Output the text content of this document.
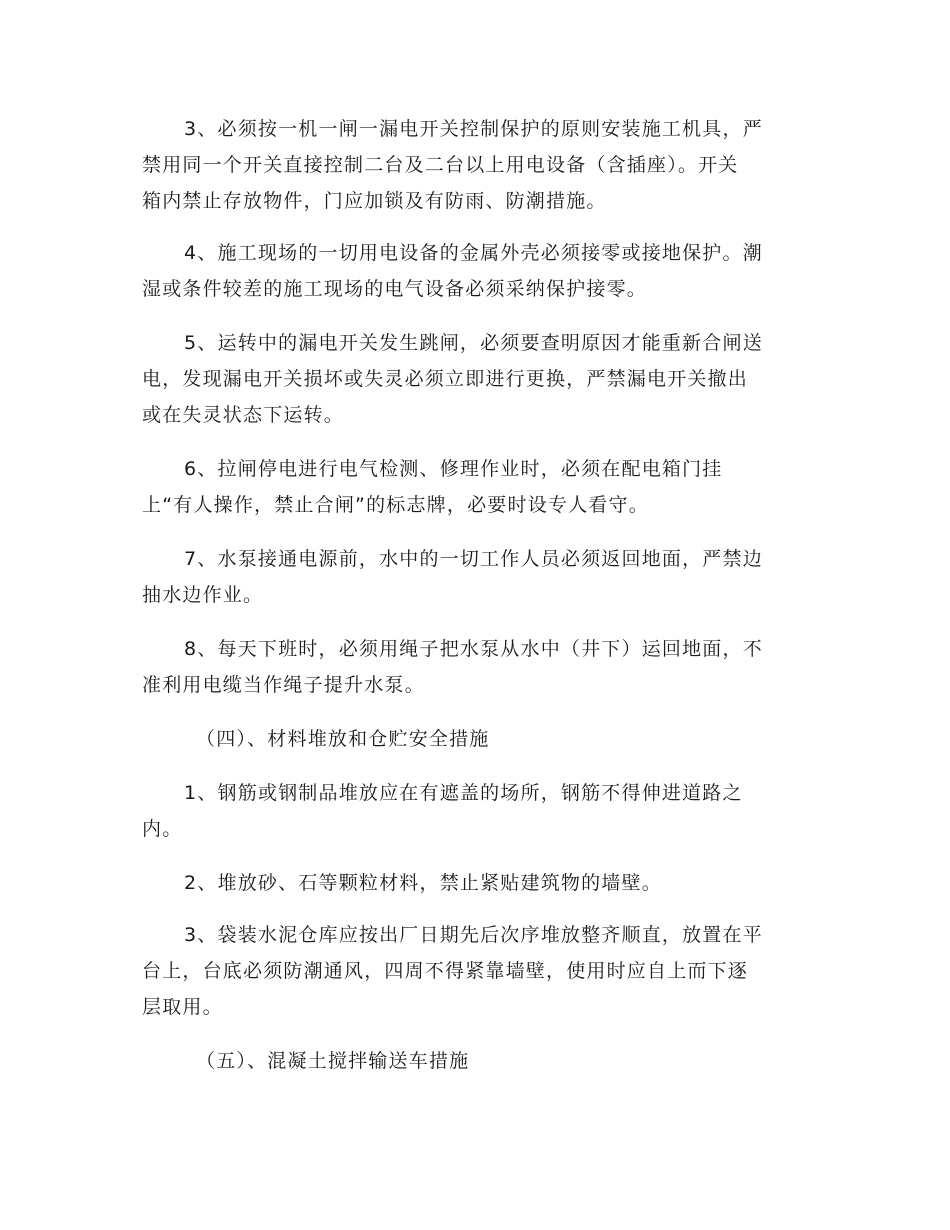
3、必须按一机一闸一漏电开关控制保护的原则安装施工机具，严
禁用同一个开关直接控制二台及二台以上用电设备（含插座）。开关
箱内禁止存放物件，门应加锁及有防雨、防潮措施。
4、施工现场的一切用电设备的金属外壳必须接零或接地保护。潮
湿或条件较差的施工现场的电气设备必须采纳保护接零。
5、运转中的漏电开关发生跳闸，必须要查明原因才能重新合闸送
电，发现漏电开关损坏或失灵必须立即进行更换，严禁漏电开关撤出
或在失灵状态下运转。
6、拉闸停电进行电气检测、修理作业时，必须在配电箱门挂
上“有人操作，禁止合闸”的标志牌，必要时设专人看守。
7、水泵接通电源前，水中的一切工作人员必须返回地面，严禁边
抽水边作业。
8、每天下班时，必须用绳子把水泵从水中（井下）运回地面，不
准利用电缆当作绳子提升水泵。
（四）、材料堆放和仓贮安全措施
1、钢筋或钢制品堆放应在有遮盖的场所，钢筋不得伸进道路之
内。
2、堆放砂、石等颗粒材料，禁止紧贴建筑物的墙壁。
3、袋装水泥仓库应按出厂日期先后次序堆放整齐顺直，放置在平
台上，台底必须防潮通风，四周不得紧靠墙壁，使用时应自上而下逐
层取用。
（五）、混凝土搅拌输送车措施
